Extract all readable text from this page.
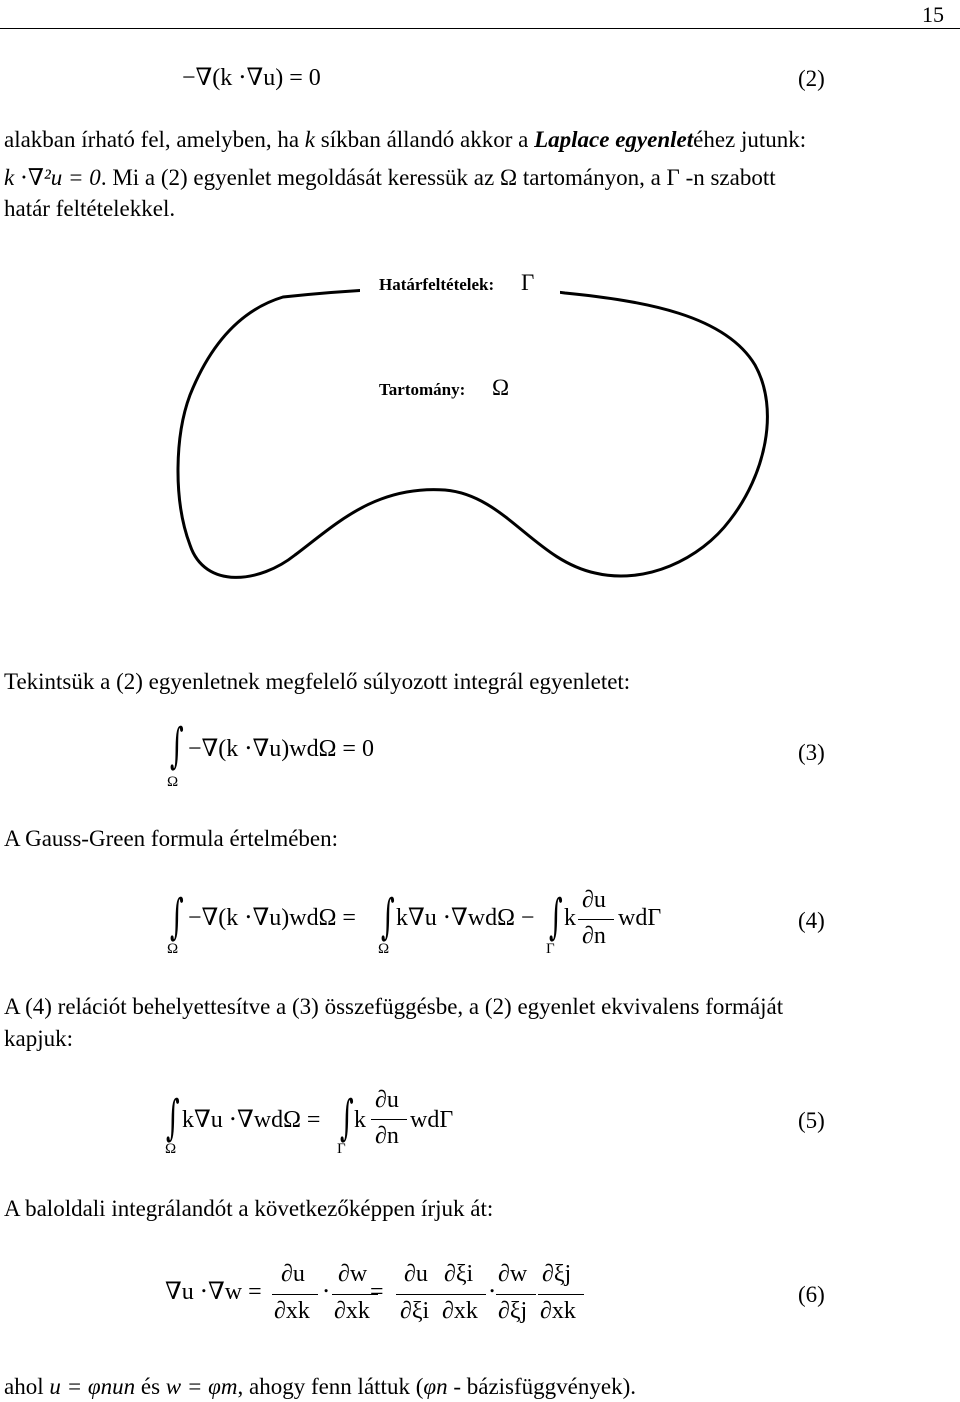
15
−∇(k ⋅∇u) = 0	(2)
alakban írható fel, amelyben, ha k síkban állandó akkor a Laplace egyenletéhez jutunk:
k ⋅∇²u = 0. Mi a (2) egyenlet megoldását keressük az Ω tartományon, a Γ -n szabott
határ feltételekkel.
Határfeltételek: Γ
Tartomány: Ω
Tekintsük a (2) egyenletnek megfelelő súlyozott integrál egyenletet:
∫ −∇(k ⋅∇u)wdΩ = 0
Ω
(3)
A Gauss-Green formula értelmében:
∫ −∇(k ⋅∇u)wdΩ =
Ω
∫ k∇u ⋅∇wdΩ −
Ω
∫ k
∂u
∂n
wdΓ
Γ
(4)
A (4) relációt behelyettesítve a (3) összefüggésbe, a (2) egyenlet ekvivalens formáját
kapjuk:
∫ k∇u ⋅∇wdΩ =
Ω
∫ k
∂u
∂n
wdΓ
Γ
(5)
A baloldali integrálandót a következőképpen írjuk át:
∇u ⋅∇w =
∂u
∂xk
⋅
∂w
∂xk
=
∂u
∂ξi
∂ξi
∂xk
⋅
∂w
∂ξj
∂ξj
∂xk
(6)
ahol u = φnun és w = φm, ahogy fenn láttuk (φn - bázisfüggvények).
